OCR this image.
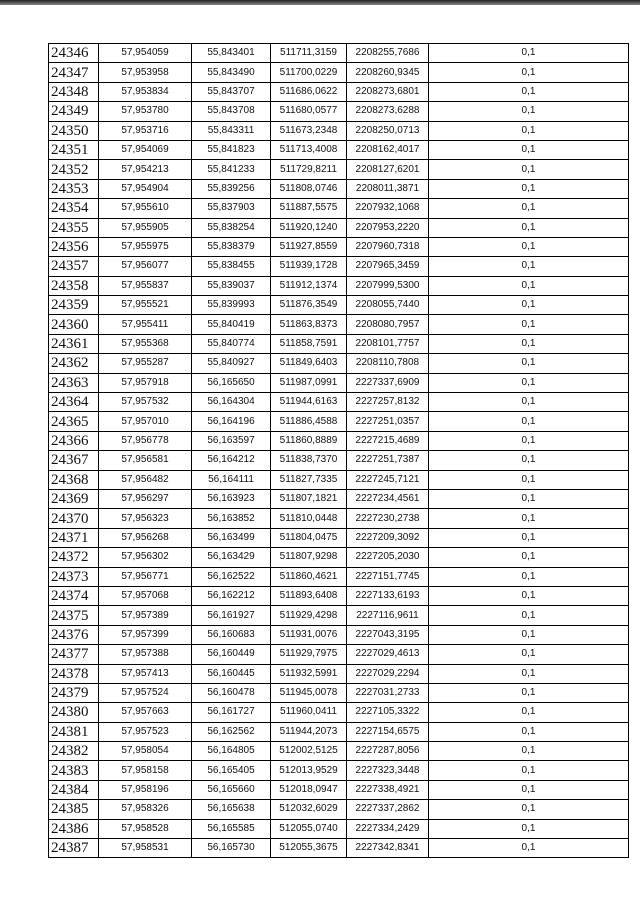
24346	57,954059	55,843401	511711,3159	2208255,7686	0,1
24347	57,953958	55,843490	511700,0229	2208260,9345	0,1
24348	57,953834	55,843707	511686,0622	2208273,6801	0,1
24349	57,953780	55,843708	511680,0577	2208273,6288	0,1
24350	57,953716	55,843311	511673,2348	2208250,0713	0,1
24351	57,954069	55,841823	511713,4008	2208162,4017	0,1
24352	57,954213	55,841233	511729,8211	2208127,6201	0,1
24353	57,954904	55,839256	511808,0746	2208011,3871	0,1
24354	57,955610	55,837903	511887,5575	2207932,1068	0,1
24355	57,955905	55,838254	511920,1240	2207953,2220	0,1
24356	57,955975	55,838379	511927,8559	2207960,7318	0,1
24357	57,956077	55,838455	511939,1728	2207965,3459	0,1
24358	57,955837	55,839037	511912,1374	2207999,5300	0,1
24359	57,955521	55,839993	511876,3549	2208055,7440	0,1
24360	57,955411	55,840419	511863,8373	2208080,7957	0,1
24361	57,955368	55,840774	511858,7591	2208101,7757	0,1
24362	57,955287	55,840927	511849,6403	2208110,7808	0,1
24363	57,957918	56,165650	511987,0991	2227337,6909	0,1
24364	57,957532	56,164304	511944,6163	2227257,8132	0,1
24365	57,957010	56,164196	511886,4588	2227251,0357	0,1
24366	57,956778	56,163597	511860,8889	2227215,4689	0,1
24367	57,956581	56,164212	511838,7370	2227251,7387	0,1
24368	57,956482	56,164111	511827,7335	2227245,7121	0,1
24369	57,956297	56,163923	511807,1821	2227234,4561	0,1
24370	57,956323	56,163852	511810,0448	2227230,2738	0,1
24371	57,956268	56,163499	511804,0475	2227209,3092	0,1
24372	57,956302	56,163429	511807,9298	2227205,2030	0,1
24373	57,956771	56,162522	511860,4621	2227151,7745	0,1
24374	57,957068	56,162212	511893,6408	2227133,6193	0,1
24375	57,957389	56,161927	511929,4298	2227116,9611	0,1
24376	57,957399	56,160683	511931,0076	2227043,3195	0,1
24377	57,957388	56,160449	511929,7975	2227029,4613	0,1
24378	57,957413	56,160445	511932,5991	2227029,2294	0,1
24379	57,957524	56,160478	511945,0078	2227031,2733	0,1
24380	57,957663	56,161727	511960,0411	2227105,3322	0,1
24381	57,957523	56,162562	511944,2073	2227154,6575	0,1
24382	57,958054	56,164805	512002,5125	2227287,8056	0,1
24383	57,958158	56,165405	512013,9529	2227323,3448	0,1
24384	57,958196	56,165660	512018,0947	2227338,4921	0,1
24385	57,958326	56,165638	512032,6029	2227337,2862	0,1
24386	57,958528	56,165585	512055,0740	2227334,2429	0,1
24387	57,958531	56,165730	512055,3675	2227342,8341	0,1
